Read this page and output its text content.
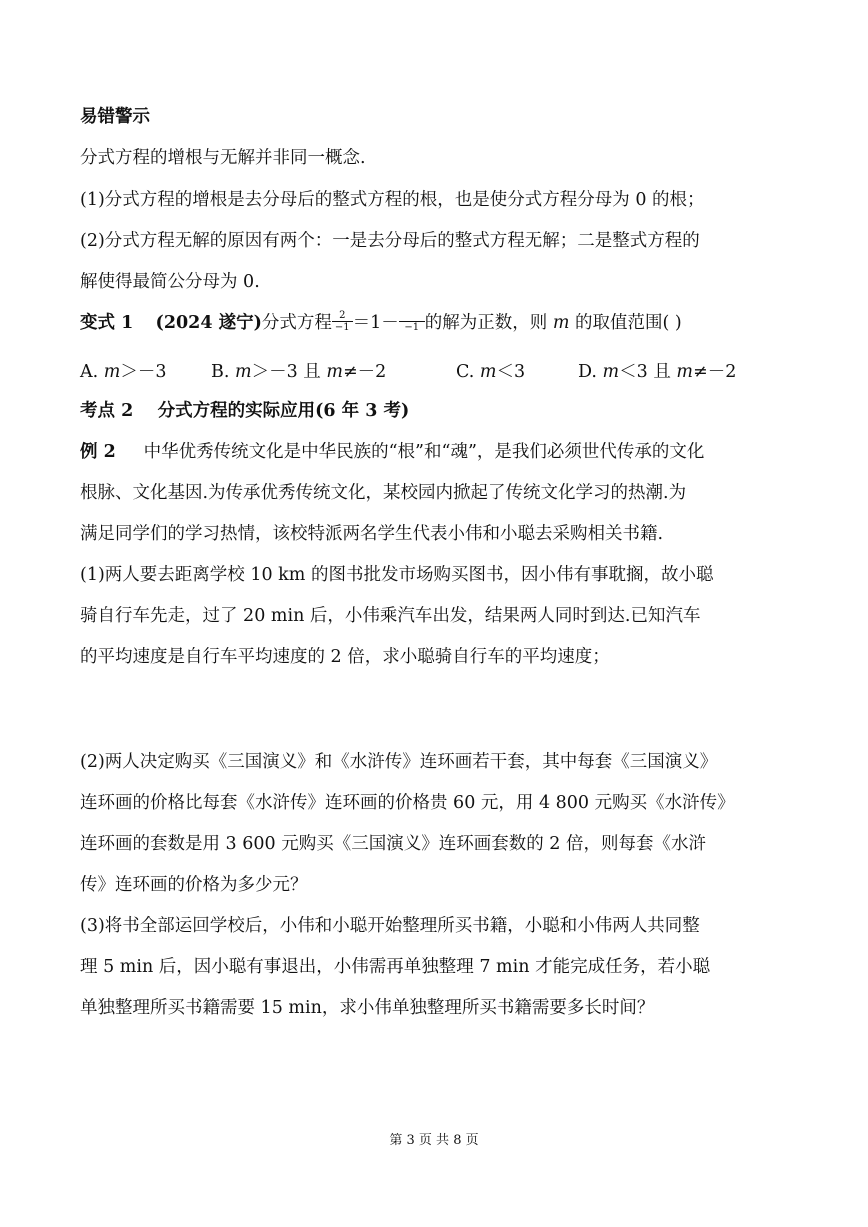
易错警示
分式方程的增根与无解并非同一概念.
(1)分式方程的增根是去分母后的整式方程的根，也是使分式方程分母为 0 的根；
(2)分式方程无解的原因有两个：一是去分母后的整式方程无解；二是整式方程的
解使得最简公分母为 0.
变式 1 (2024 遂宁)分式方程 $\frac{2}{-1} =1- -1$ 的解为正数，则 m 的取值范围( )
A. m＞－3	B. m＞－3 且 m≠－2	C. m＜3	D. m＜3 且 m≠－2
考点 2    分式方程的实际应用(6 年 3 考)
例 2 中华优秀传统文化是中华民族的“根”和“魂”，是我们必须世代传承的文化
根脉、文化基因.为传承优秀传统文化，某校园内掀起了传统文化学习的热潮.为
满足同学们的学习热情，该校特派两名学生代表小伟和小聪去采购相关书籍.
(1)两人要去距离学校 10 km 的图书批发市场购买图书，因小伟有事耽搁，故小聪
骑自行车先走，过了 20 min 后，小伟乘汽车出发，结果两人同时到达.已知汽车
的平均速度是自行车平均速度的 2 倍，求小聪骑自行车的平均速度；
(2)两人决定购买《三国演义》和《水浒传》连环画若干套，其中每套《三国演义》
连环画的价格比每套《水浒传》连环画的价格贵 60 元，用 4 800 元购买《水浒传》
连环画的套数是用 3 600 元购买《三国演义》连环画套数的 2 倍，则每套《水浒
传》连环画的价格为多少元？
(3)将书全部运回学校后，小伟和小聪开始整理所买书籍，小聪和小伟两人共同整
理 5 min 后，因小聪有事退出，小伟需再单独整理 7 min 才能完成任务，若小聪
单独整理所买书籍需要 15 min，求小伟单独整理所买书籍需要多长时间？
第 3 页 共 8 页
